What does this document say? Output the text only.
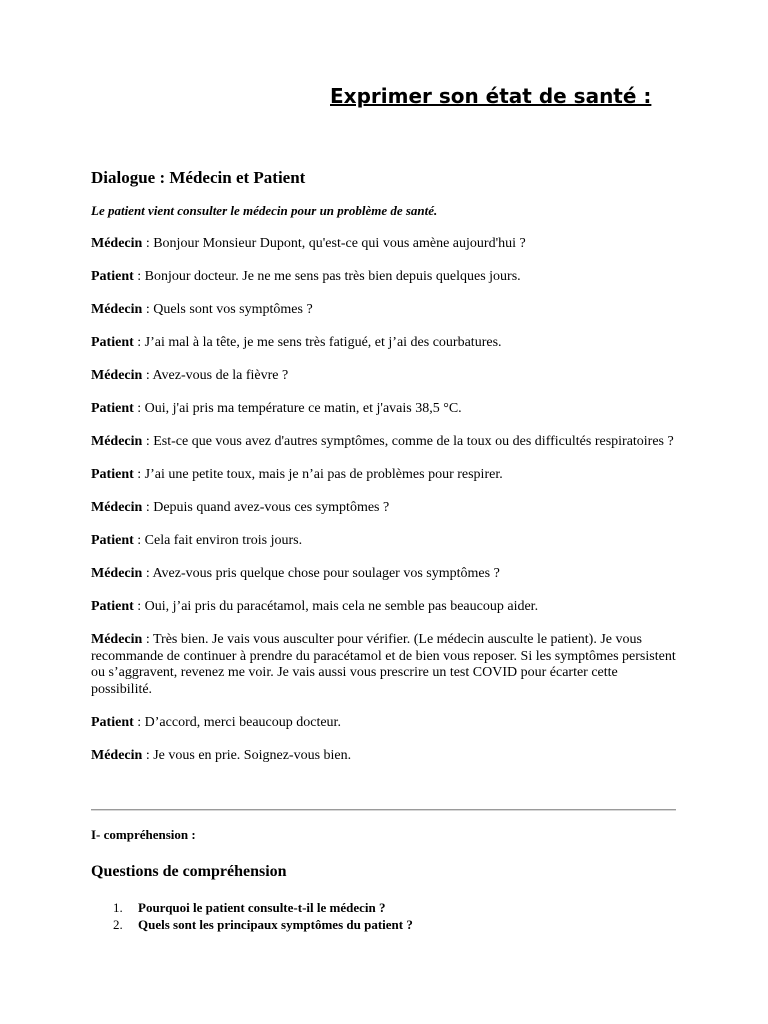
Exprimer son état de santé :
Dialogue : Médecin et Patient

Le patient vient consulter le médecin pour un problème de santé.

Médecin : Bonjour Monsieur Dupont, qu'est-ce qui vous amène aujourd'hui ?

Patient : Bonjour docteur. Je ne me sens pas très bien depuis quelques jours.

Médecin : Quels sont vos symptômes ?

Patient : J’ai mal à la tête, je me sens très fatigué, et j’ai des courbatures.

Médecin : Avez-vous de la fièvre ?

Patient : Oui, j'ai pris ma température ce matin, et j'avais 38,5 °C.

Médecin : Est-ce que vous avez d'autres symptômes, comme de la toux ou des difficultés respiratoires ?

Patient : J’ai une petite toux, mais je n’ai pas de problèmes pour respirer.

Médecin : Depuis quand avez-vous ces symptômes ?

Patient : Cela fait environ trois jours.

Médecin : Avez-vous pris quelque chose pour soulager vos symptômes ?

Patient : Oui, j’ai pris du paracétamol, mais cela ne semble pas beaucoup aider.

Médecin : Très bien. Je vais vous ausculter pour vérifier. (Le médecin ausculte le patient). Je vous recommande de continuer à prendre du paracétamol et de bien vous reposer. Si les symptômes persistent ou s’aggravent, revenez me voir. Je vais aussi vous prescrire un test COVID pour écarter cette possibilité.

Patient : D’accord, merci beaucoup docteur.

Médecin : Je vous en prie. Soignez-vous bien.

I- compréhension :

Questions de compréhension
1. Pourquoi le patient consulte-t-il le médecin ?
2. Quels sont les principaux symptômes du patient ?
